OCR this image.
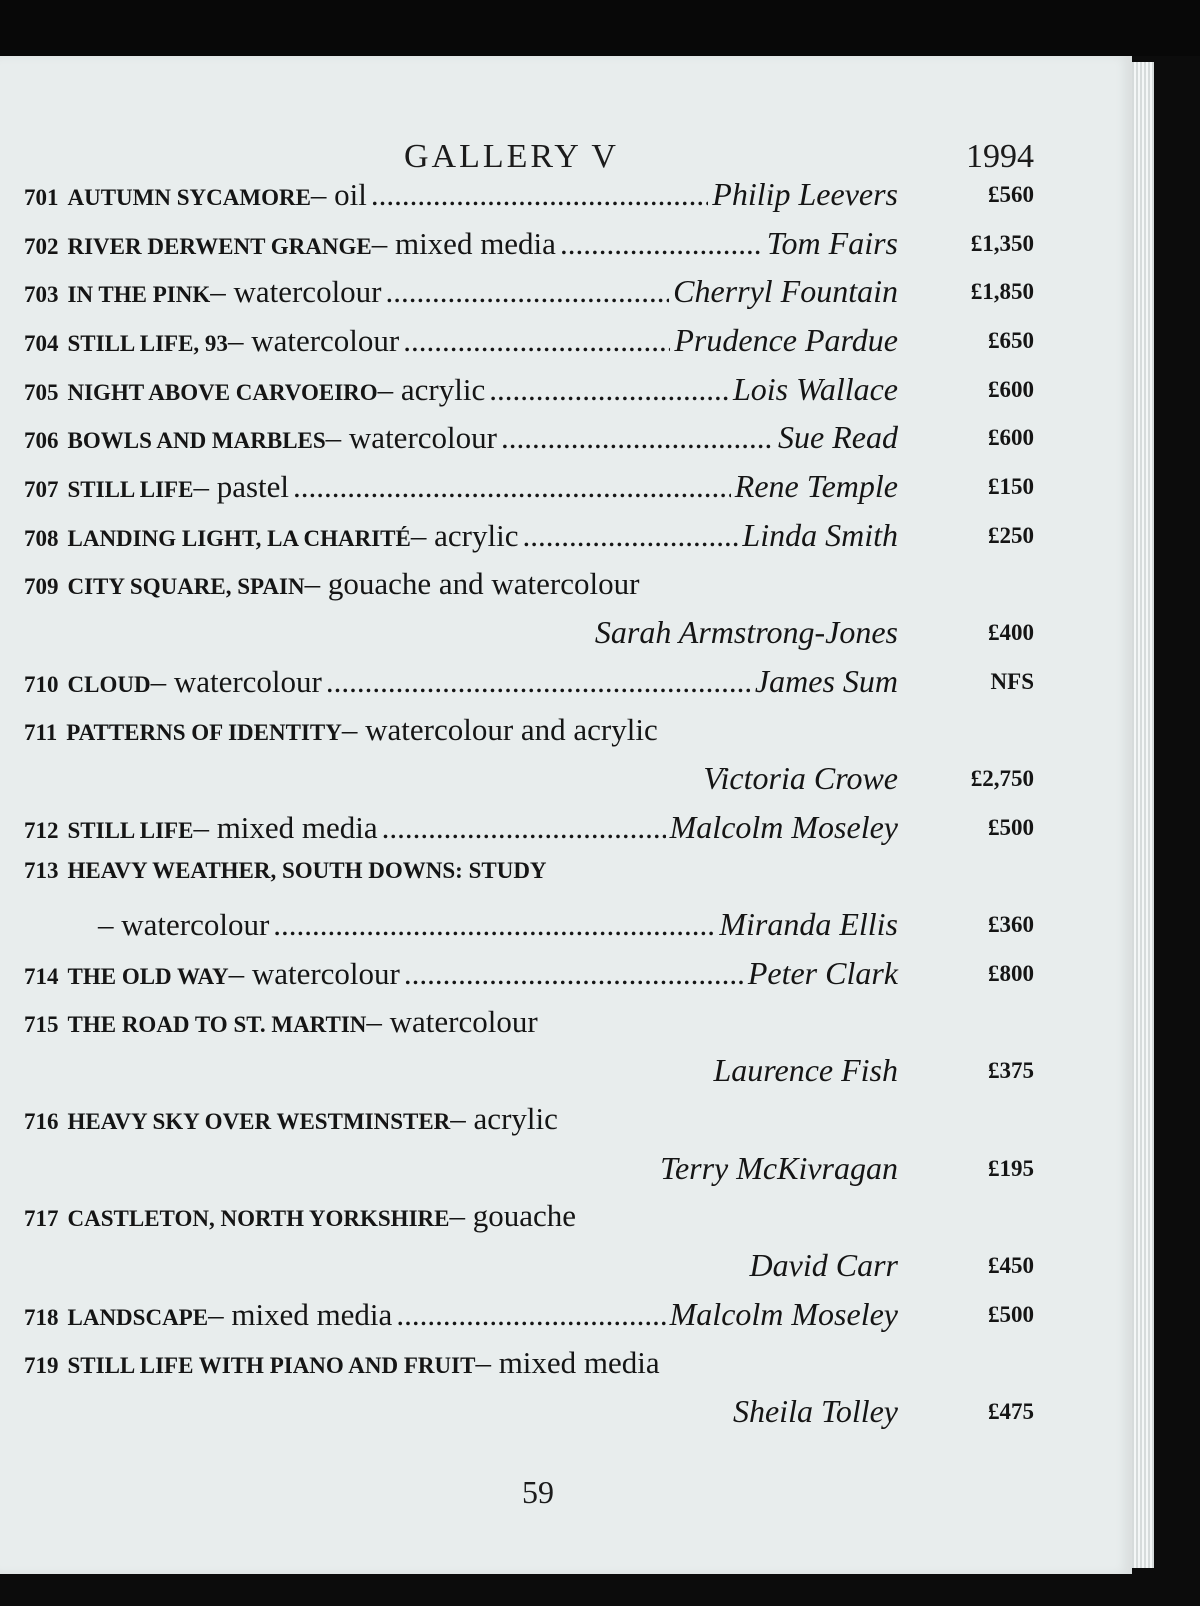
GALLERY V	1994
701 AUTUMN SYCAMORE – oil .....	Philip Leevers	£560
702 RIVER DERWENT GRANGE – mixed media .....	Tom Fairs	£1,350
703 IN THE PINK – watercolour .....	Cherryl Fountain	£1,850
704 STILL LIFE, 93 – watercolour .....	Prudence Pardue	£650
705 NIGHT ABOVE CARVOEIRO – acrylic .....	Lois Wallace	£600
706 BOWLS AND MARBLES – watercolour .....	Sue Read	£600
707 STILL LIFE – pastel .....	Rene Temple	£150
708 LANDING LIGHT, LA CHARITÉ – acrylic .....	Linda Smith	£250
709 CITY SQUARE, SPAIN – gouache and watercolour
Sarah Armstrong-Jones	£400
710 CLOUD – watercolour .....	James Sum	NFS
711 PATTERNS OF IDENTITY – watercolour and acrylic
Victoria Crowe	£2,750
712 STILL LIFE – mixed media .....	Malcolm Moseley	£500
713 HEAVY WEATHER, SOUTH DOWNS: STUDY
– watercolour .....	Miranda Ellis	£360
714 THE OLD WAY – watercolour .....	Peter Clark	£800
715 THE ROAD TO ST. MARTIN – watercolour
Laurence Fish	£375
716 HEAVY SKY OVER WESTMINSTER – acrylic
Terry McKivragan	£195
717 CASTLETON, NORTH YORKSHIRE – gouache
David Carr	£450
718 LANDSCAPE – mixed media .....	Malcolm Moseley	£500
719 STILL LIFE WITH PIANO AND FRUIT – mixed media
Sheila Tolley	£475
59
